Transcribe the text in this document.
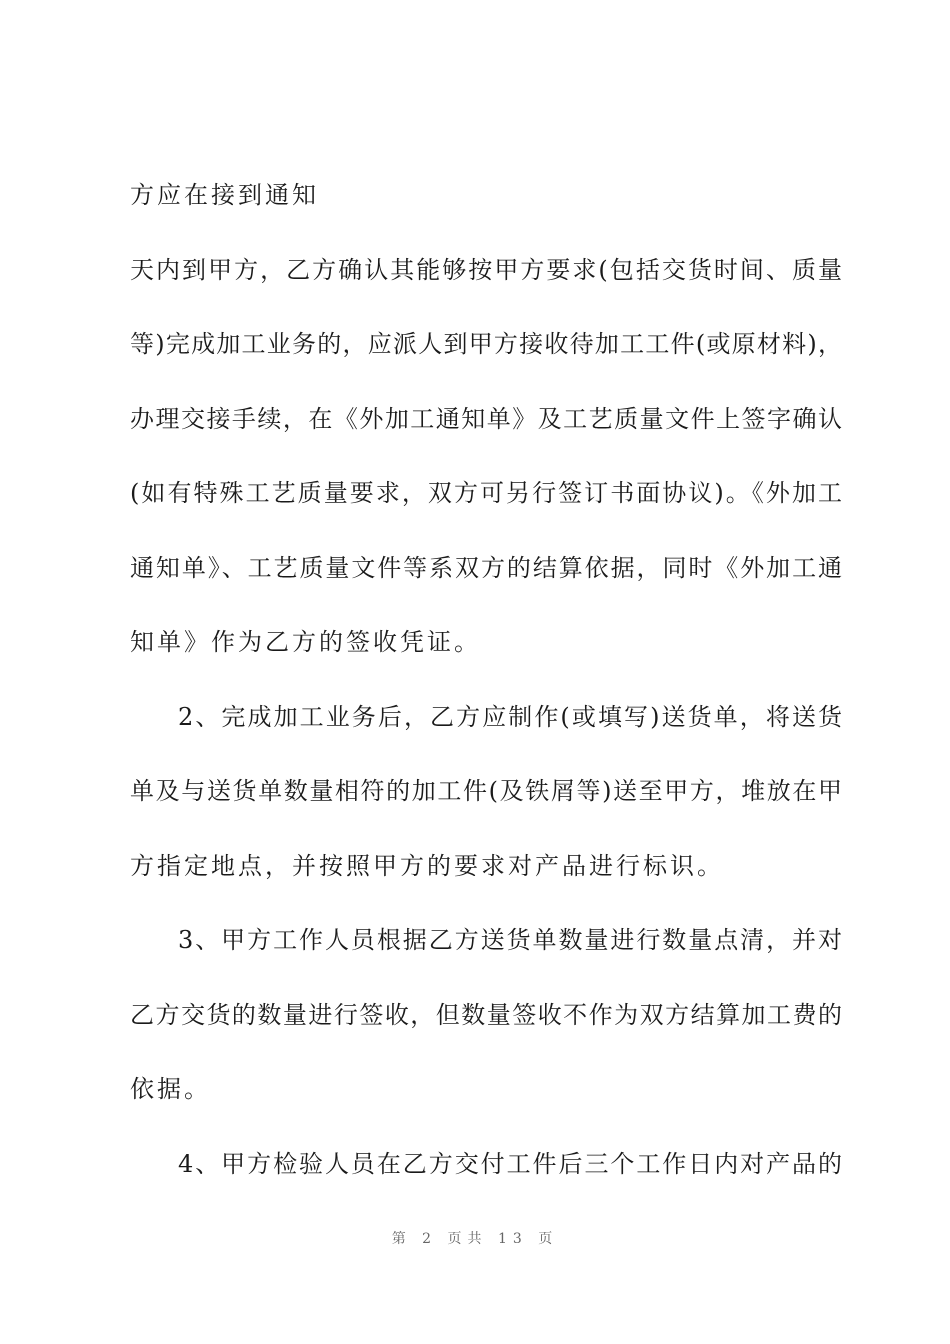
方应在接到通知
天内到甲方，乙方确认其能够按甲方要求(包括交货时间、质量
等)完成加工业务的，应派人到甲方接收待加工工件(或原材料)，
办理交接手续，在《外加工通知单》及工艺质量文件上签字确认
(如有特殊工艺质量要求，双方可另行签订书面协议)。《外加工
通知单》、工艺质量文件等系双方的结算依据，同时《外加工通
知单》作为乙方的签收凭证。
2、完成加工业务后，乙方应制作(或填写)送货单，将送货
单及与送货单数量相符的加工件(及铁屑等)送至甲方，堆放在甲
方指定地点，并按照甲方的要求对产品进行标识。
3、甲方工作人员根据乙方送货单数量进行数量点清，并对
乙方交货的数量进行签收，但数量签收不作为双方结算加工费的
依据。
4、甲方检验人员在乙方交付工件后三个工作日内对产品的
第 2 页共 13 页
